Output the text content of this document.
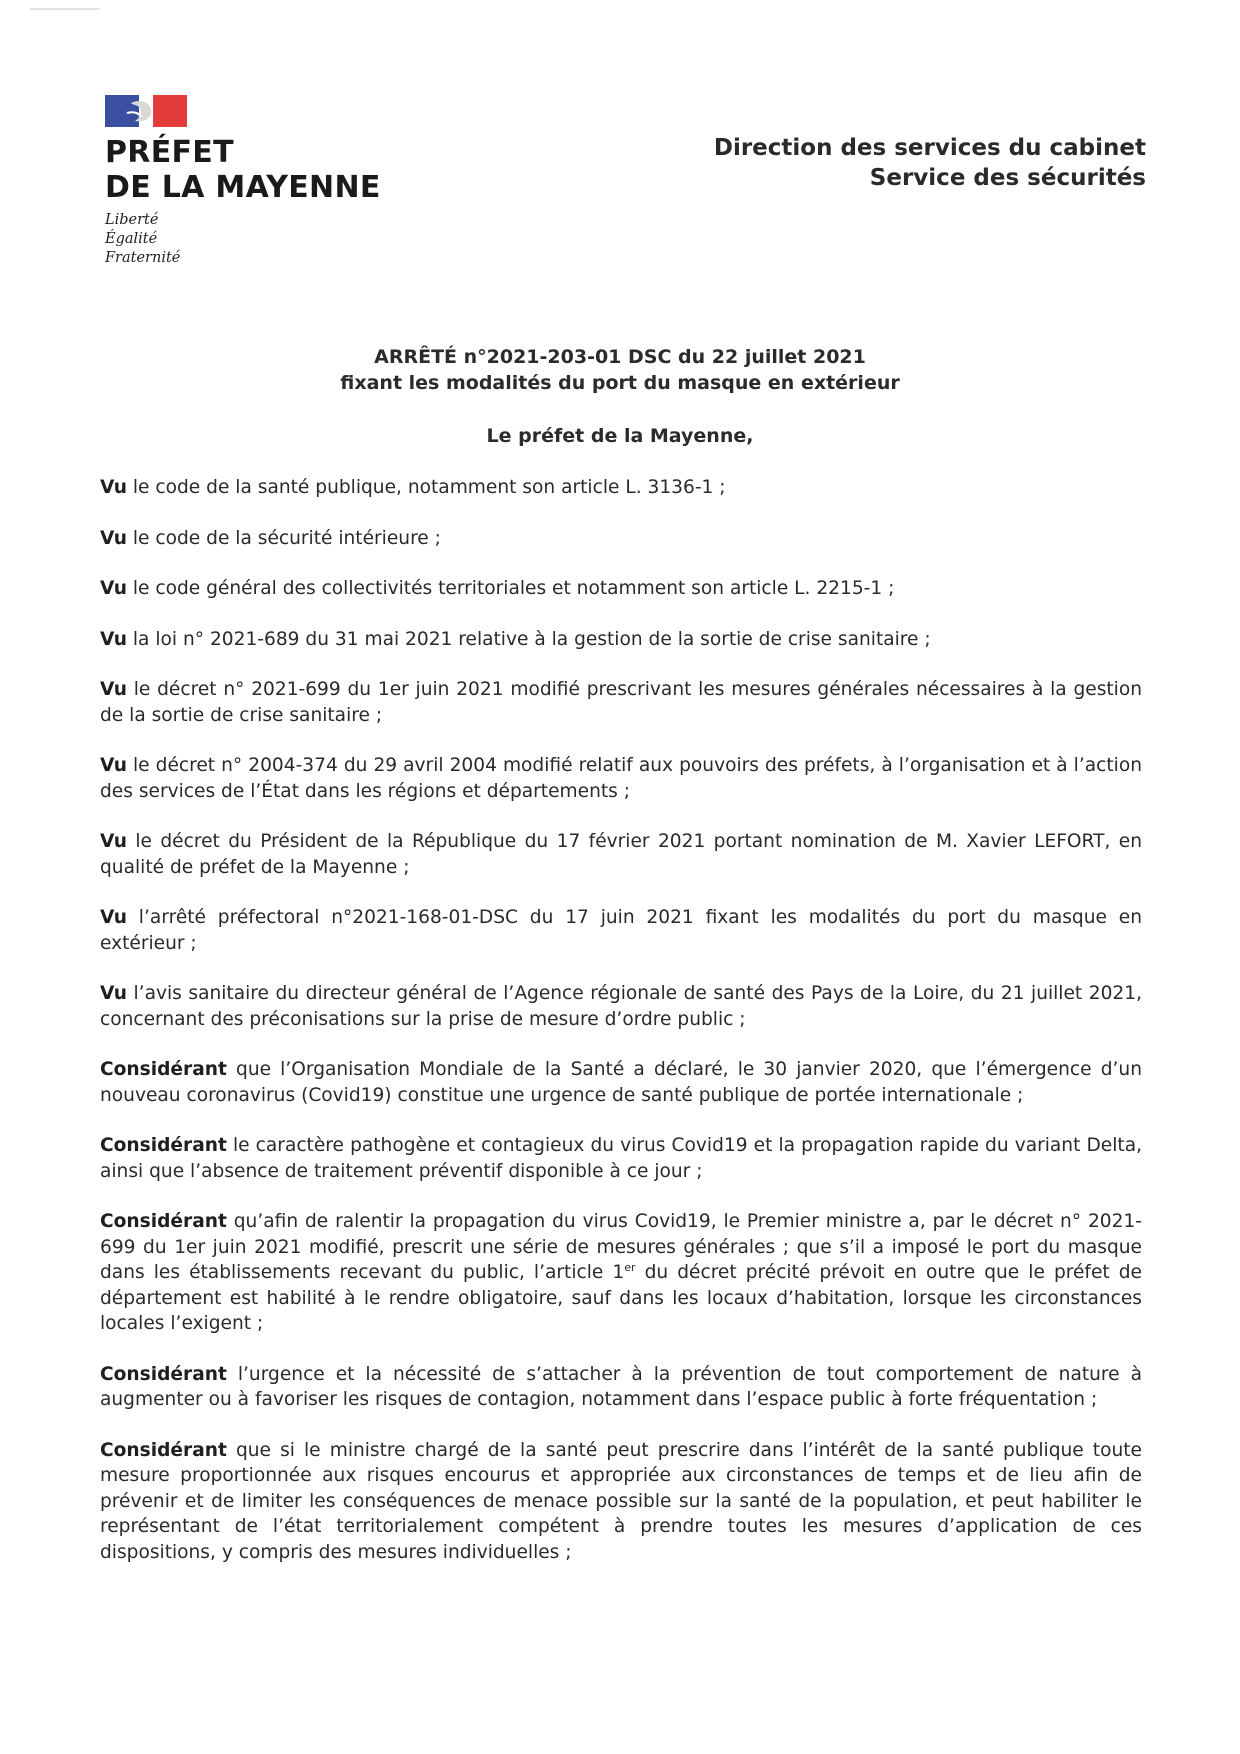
PRÉFET
DE LA MAYENNE
Liberté
Égalité
Fraternité
Direction des services du cabinet
Service des sécurités
ARRÊTÉ n°2021-203-01 DSC du 22 juillet 2021
fixant les modalités du port du masque en extérieur
Le préfet de la Mayenne,

Vu le code de la santé publique, notamment son article L. 3136-1 ;

Vu le code de la sécurité intérieure ;

Vu le code général des collectivités territoriales et notamment son article L. 2215-1 ;

Vu la loi n° 2021-689 du 31 mai 2021 relative à la gestion de la sortie de crise sanitaire ;

Vu le décret n° 2021-699 du 1er juin 2021 modifié prescrivant les mesures générales nécessaires à la gestion de la sortie de crise sanitaire ;

Vu le décret n° 2004-374 du 29 avril 2004 modifié relatif aux pouvoirs des préfets, à l’organisation et à l’action des services de l’État dans les régions et départements ;

Vu le décret du Président de la République du 17 février 2021 portant nomination de M. Xavier LEFORT, en qualité de préfet de la Mayenne ;

Vu l’arrêté préfectoral n°2021-168-01-DSC du 17 juin 2021 fixant les modalités du port du masque en extérieur ;

Vu l’avis sanitaire du directeur général de l’Agence régionale de santé des Pays de la Loire, du 21 juillet 2021, concernant des préconisations sur la prise de mesure d’ordre public ;

Considérant que l’Organisation Mondiale de la Santé a déclaré, le 30 janvier 2020, que l’émergence d’un nouveau coronavirus (Covid19) constitue une urgence de santé publique de portée internationale ;

Considérant le caractère pathogène et contagieux du virus Covid19 et la propagation rapide du variant Delta, ainsi que l’absence de traitement préventif disponible à ce jour ;

Considérant qu’afin de ralentir la propagation du virus Covid19, le Premier ministre a, par le décret n° 2021-699 du 1er juin 2021 modifié, prescrit une série de mesures générales ; que s’il a imposé le port du masque dans les établissements recevant du public, l’article 1er du décret précité prévoit en outre que le préfet de département est habilité à le rendre obligatoire, sauf dans les locaux d’habitation, lorsque les circonstances locales l’exigent ;

Considérant l’urgence et la nécessité de s’attacher à la prévention de tout comportement de nature à augmenter ou à favoriser les risques de contagion, notamment dans l’espace public à forte fréquentation ;

Considérant que si le ministre chargé de la santé peut prescrire dans l’intérêt de la santé publique toute mesure proportionnée aux risques encourus et appropriée aux circonstances de temps et de lieu afin de prévenir et de limiter les conséquences de menace possible sur la santé de la population, et peut habiliter le représentant de l’état territorialement compétent à prendre toutes les mesures d’application de ces dispositions, y compris des mesures individuelles ;
